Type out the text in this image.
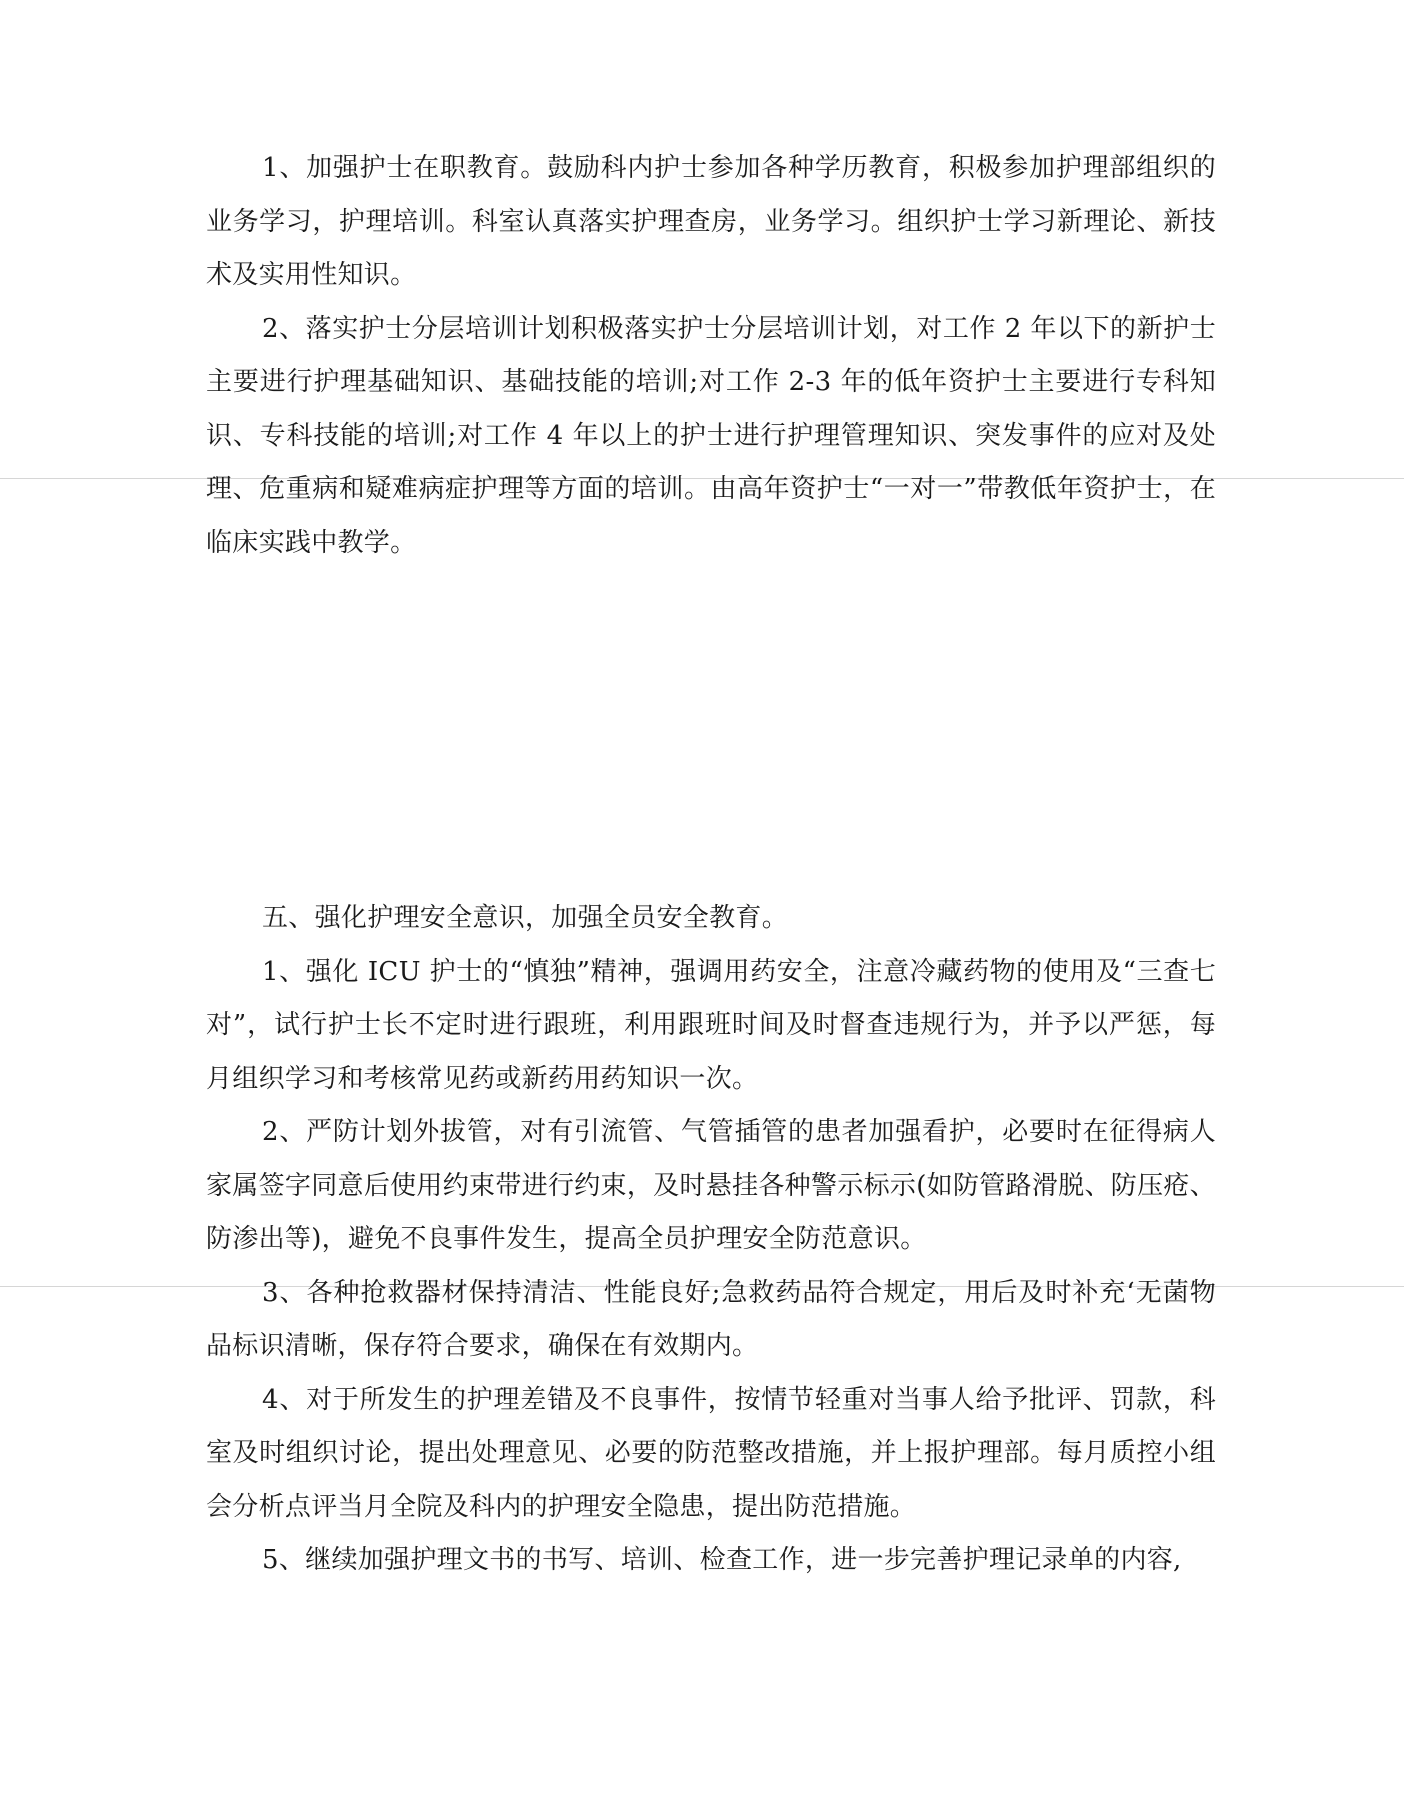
1、加强护士在职教育。鼓励科内护士参加各种学历教育，积极参加护理部组织的业务学习，护理培训。科室认真落实护理查房，业务学习。组织护士学习新理论、新技术及实用性知识。

2、落实护士分层培训计划积极落实护士分层培训计划，对工作 2 年以下的新护士主要进行护理基础知识、基础技能的培训;对工作 2-3 年的低年资护士主要进行专科知识、专科技能的培训;对工作 4 年以上的护士进行护理管理知识、突发事件的应对及处理、危重病和疑难病症护理等方面的培训。由高年资护士“一对一”带教低年资护士，在临床实践中教学。

五、强化护理安全意识，加强全员安全教育。

1、强化 ICU 护士的“慎独”精神，强调用药安全，注意冷藏药物的使用及“三查七对”，试行护士长不定时进行跟班，利用跟班时间及时督查违规行为，并予以严惩，每月组织学习和考核常见药或新药用药知识一次。

2、严防计划外拔管，对有引流管、气管插管的患者加强看护，必要时在征得病人家属签字同意后使用约束带进行约束，及时悬挂各种警示标示(如防管路滑脱、防压疮、防渗出等)，避免不良事件发生，提高全员护理安全防范意识。

3、各种抢救器材保持清洁、性能良好;急救药品符合规定，用后及时补充‘无菌物品标识清晰，保存符合要求，确保在有效期内。

4、对于所发生的护理差错及不良事件，按情节轻重对当事人给予批评、罚款，科室及时组织讨论，提出处理意见、必要的防范整改措施，并上报护理部。每月质控小组会分析点评当月全院及科内的护理安全隐患，提出防范措施。

5、继续加强护理文书的书写、培训、检查工作，进一步完善护理记录单的内容,
